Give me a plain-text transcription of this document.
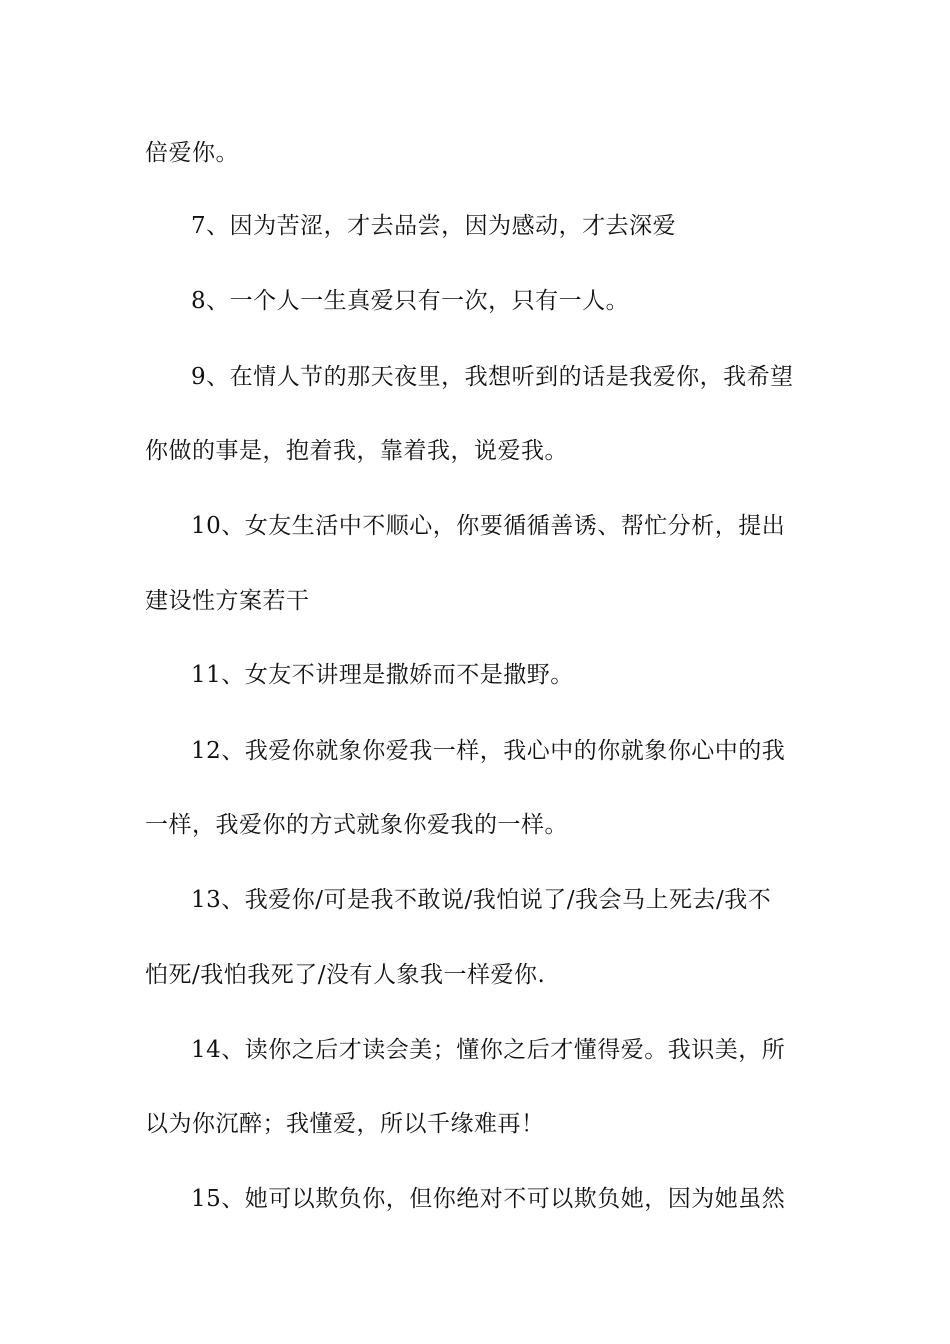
倍爱你。
7、因为苦涩，才去品尝，因为感动，才去深爱
8、一个人一生真爱只有一次，只有一人。
9、在情人节的那天夜里，我想听到的话是我爱你，我希望
你做的事是，抱着我，靠着我，说爱我。
10、女友生活中不顺心，你要循循善诱、帮忙分析，提出
建设性方案若干
11、女友不讲理是撒娇而不是撒野。
12、我爱你就象你爱我一样，我心中的你就象你心中的我
一样，我爱你的方式就象你爱我的一样。
13、我爱你/可是我不敢说/我怕说了/我会马上死去/我不
怕死/我怕我死了/没有人象我一样爱你.
14、读你之后才读会美；懂你之后才懂得爱。我识美，所
以为你沉醉；我懂爱，所以千缘难再！
15、她可以欺负你，但你绝对不可以欺负她，因为她虽然
